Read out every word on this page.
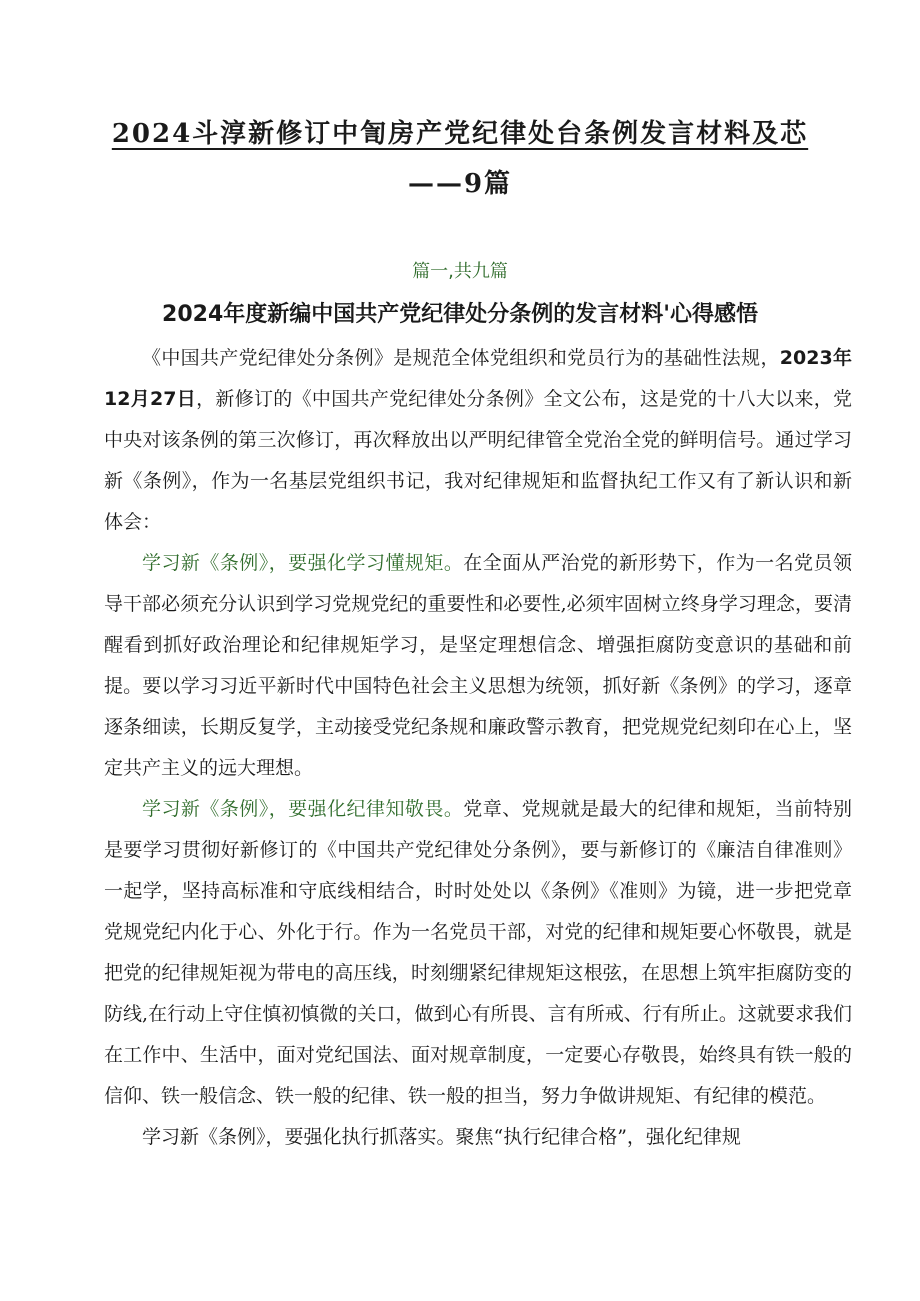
2024斗淳新修订中訇房产党纪律处台条例发言材料及芯
——9篇
篇一,共九篇
2024年度新编中国共产党纪律处分条例的发言材料'心得感悟

《中国共产党纪律处分条例》是规范全体党组织和党员行为的基础性法规，2023年12月27日，新修订的《中国共产党纪律处分条例》全文公布，这是党的十八大以来，党中央对该条例的第三次修订，再次释放出以严明纪律管全党治全党的鲜明信号。通过学习新《条例》，作为一名基层党组织书记，我对纪律规矩和监督执纪工作又有了新认识和新体会：

学习新《条例》，要强化学习懂规矩。在全面从严治党的新形势下，作为一名党员领导干部必须充分认识到学习党规党纪的重要性和必要性,必须牢固树立终身学习理念，要清醒看到抓好政治理论和纪律规矩学习，是坚定理想信念、增强拒腐防变意识的基础和前提。要以学习习近平新时代中国特色社会主义思想为统领，抓好新《条例》的学习，逐章逐条细读，长期反复学，主动接受党纪条规和廉政警示教育，把党规党纪刻印在心上，坚定共产主义的远大理想。

学习新《条例》，要强化纪律知敬畏。党章、党规就是最大的纪律和规矩，当前特别是要学习贯彻好新修订的《中国共产党纪律处分条例》，要与新修订的《廉洁自律准则》一起学，坚持高标准和守底线相结合，时时处处以《条例》《准则》为镜，进一步把党章党规党纪内化于心、外化于行。作为一名党员干部，对党的纪律和规矩要心怀敬畏，就是把党的纪律规矩视为带电的高压线，时刻绷紧纪律规矩这根弦，在思想上筑牢拒腐防变的防线,在行动上守住慎初慎微的关口，做到心有所畏、言有所戒、行有所止。这就要求我们在工作中、生活中，面对党纪国法、面对规章制度，一定要心存敬畏，始终具有铁一般的信仰、铁一般信念、铁一般的纪律、铁一般的担当，努力争做讲规矩、有纪律的模范。

学习新《条例》，要强化执行抓落实。聚焦“执行纪律合格”，强化纪律规
